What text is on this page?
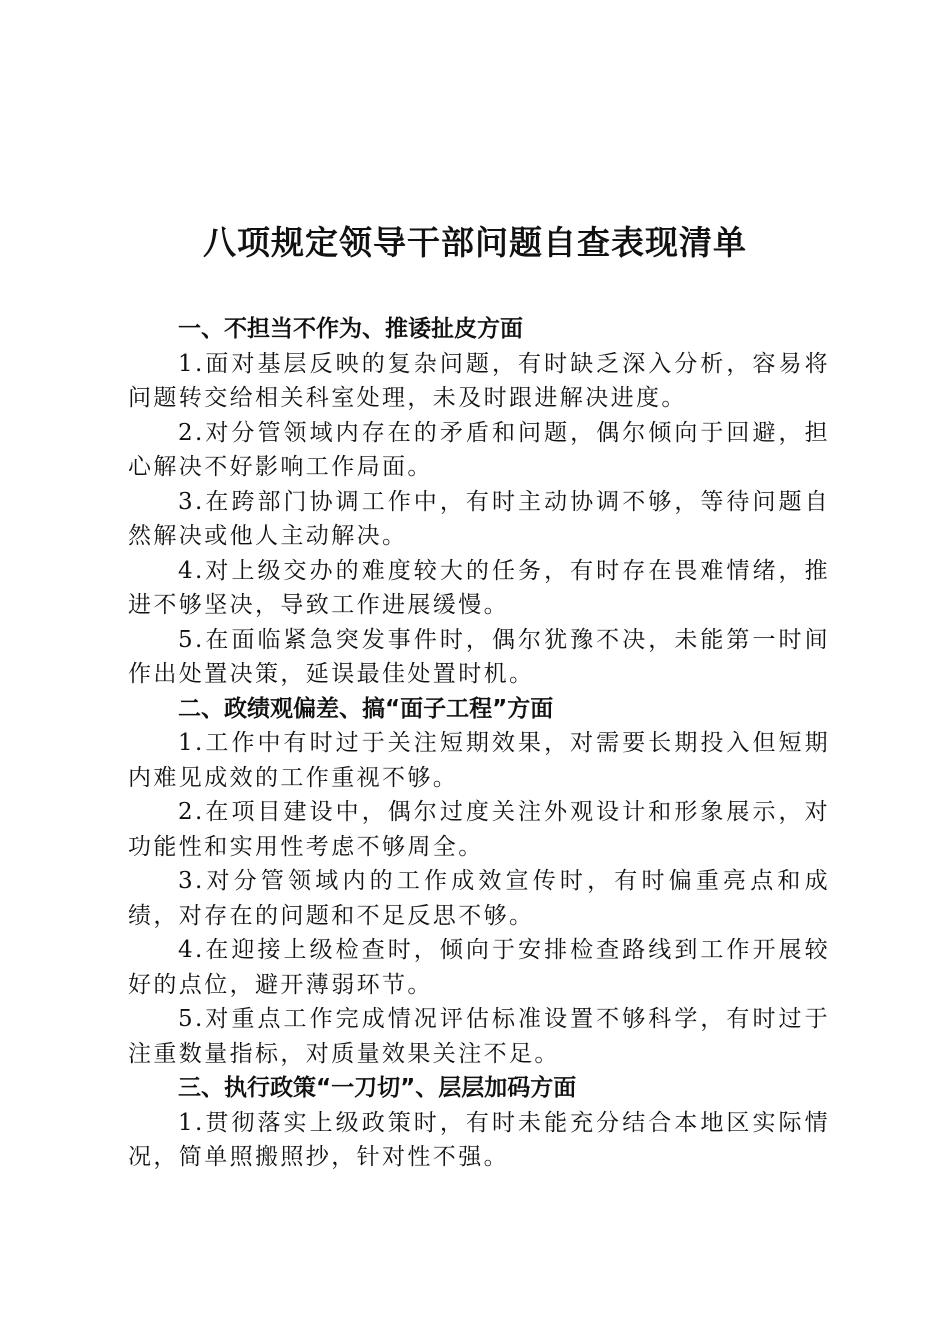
八项规定领导干部问题自查表现清单

一、不担当不作为、推诿扯皮方面

1.面对基层反映的复杂问题，有时缺乏深入分析，容易将问题转交给相关科室处理，未及时跟进解决进度。

2.对分管领域内存在的矛盾和问题，偶尔倾向于回避，担心解决不好影响工作局面。

3.在跨部门协调工作中，有时主动协调不够，等待问题自然解决或他人主动解决。

4.对上级交办的难度较大的任务，有时存在畏难情绪，推进不够坚决，导致工作进展缓慢。

5.在面临紧急突发事件时，偶尔犹豫不决，未能第一时间作出处置决策，延误最佳处置时机。

二、政绩观偏差、搞“面子工程”方面

1.工作中有时过于关注短期效果，对需要长期投入但短期内难见成效的工作重视不够。

2.在项目建设中，偶尔过度关注外观设计和形象展示，对功能性和实用性考虑不够周全。

3.对分管领域内的工作成效宣传时，有时偏重亮点和成绩，对存在的问题和不足反思不够。

4.在迎接上级检查时，倾向于安排检查路线到工作开展较好的点位，避开薄弱环节。

5.对重点工作完成情况评估标准设置不够科学，有时过于注重数量指标，对质量效果关注不足。

三、执行政策“一刀切”、层层加码方面

1.贯彻落实上级政策时，有时未能充分结合本地区实际情况，简单照搬照抄，针对性不强。
